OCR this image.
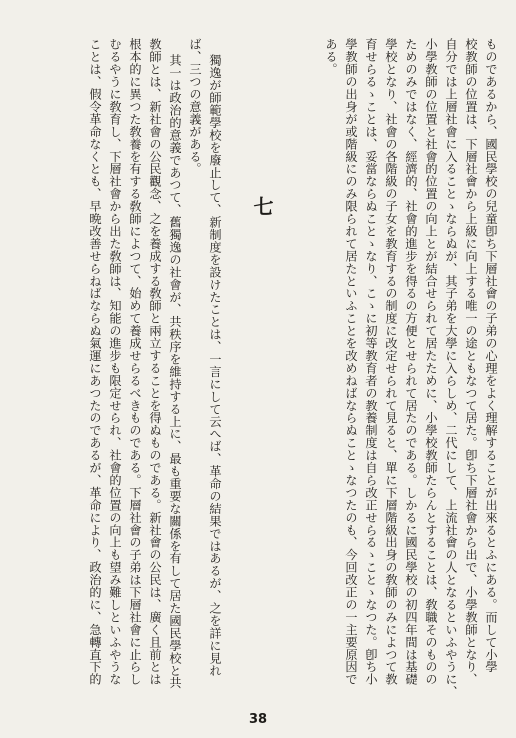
ものであるから、國民學校の兒童卽ち下層社會の子弟の心理をよく理解することが出來るとふにある。而して小學
校教師の位置は、下層社會から上級に向上する唯一の途ともなつて居た。卽ち下層社會から出で、小學教師となり、
自分では上層社會に入ることゝならぬが、其子弟を大學に入らしめ、二代にして、上流社會の人となるといふやうに、
小學教師の位置と社會的位置の向上とが結合せられて居たために、小學校教師たらんとすることは、敎職そのものの
ためのみではなく、經濟的、社會的進步を得るの方便とせられて居たのである。しかるに國民學校の初四年間は基礎
學校となり、社會の各階級の子女を教育するの制度に改定せられて見ると、單に下層階級出身の敎師のみによつて教
育せらるゝことは、妥當ならぬことゝなり、こゝに初等教育者の教養制度は自ら改正せらるゝことゝなつた。卽ち小
學教師の出身が或階級にのみ限られて居たといふことを改めねばならぬことゝなつたのも、今回改正の一主要原因で
ある。
七
獨逸が師範學校を廢止して、新制度を設けたことは、一言にして云へば、革命の結果ではあるが、之を詳に見れ
ば、三つの意義がある。
其一は政治的意義であつて、舊獨逸の社會が、共秩序を維持する上に、最も重要な關係を有して居た國民學校と共
教師とは、新社會の公民觀念、之を養成する敎師と兩立することを得ぬものである。新社會の公民は、廣く且前とは
根本的に異つた敎養を有する敎師によつて、始めて養成せらるべきものである。下層社會の子弟は下層社會に止らし
むるやうに敎育し、下層社會から出た敎師は、知能の進步も限定せられ、社會的位置の向上も望み難しといふやうな
ことは、假令革命なくとも、早晩改善せらねばならぬ氣運にあつたのであるが、革命により、政治的に、急轉直下的
38
